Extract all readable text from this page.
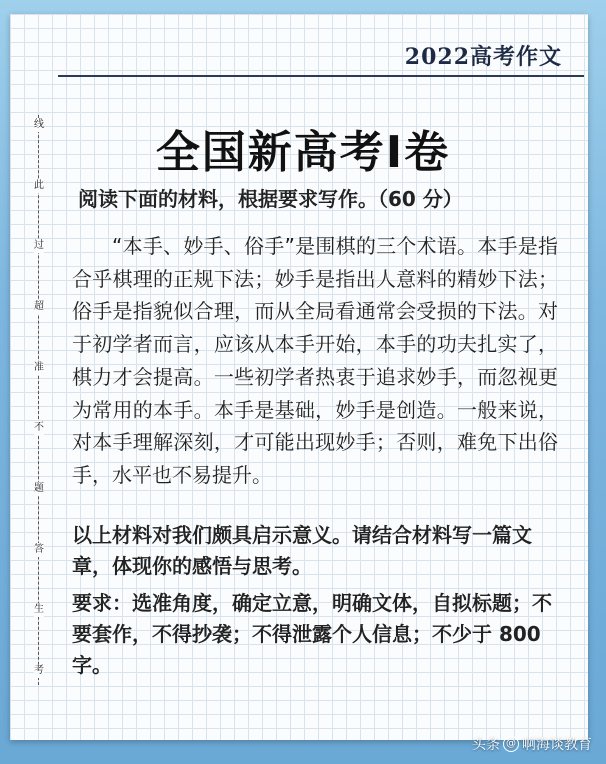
2022高考作文
线
此
过
超
准
不
题
答
生
考
全国新高考Ⅰ卷
阅读下面的材料，根据要求写作。（60 分）
“本手、妙手、俗手”是围棋的三个术语。本手是指合乎棋理的正规下法；妙手是指出人意料的精妙下法；俗手是指貌似合理，而从全局看通常会受损的下法。对于初学者而言，应该从本手开始，本手的功夫扎实了，棋力才会提高。一些初学者热衷于追求妙手，而忽视更为常用的本手。本手是基础，妙手是创造。一般来说，对本手理解深刻，才可能出现妙手；否则，难免下出俗手，水平也不易提升。
以上材料对我们颇具启示意义。请结合材料写一篇文章，体现你的感悟与思考。
要求：选准角度，确定立意，明确文体，自拟标题；不要套作，不得抄袭；不得泄露个人信息；不少于 800 字。
头条 @ 啊海谈教育
